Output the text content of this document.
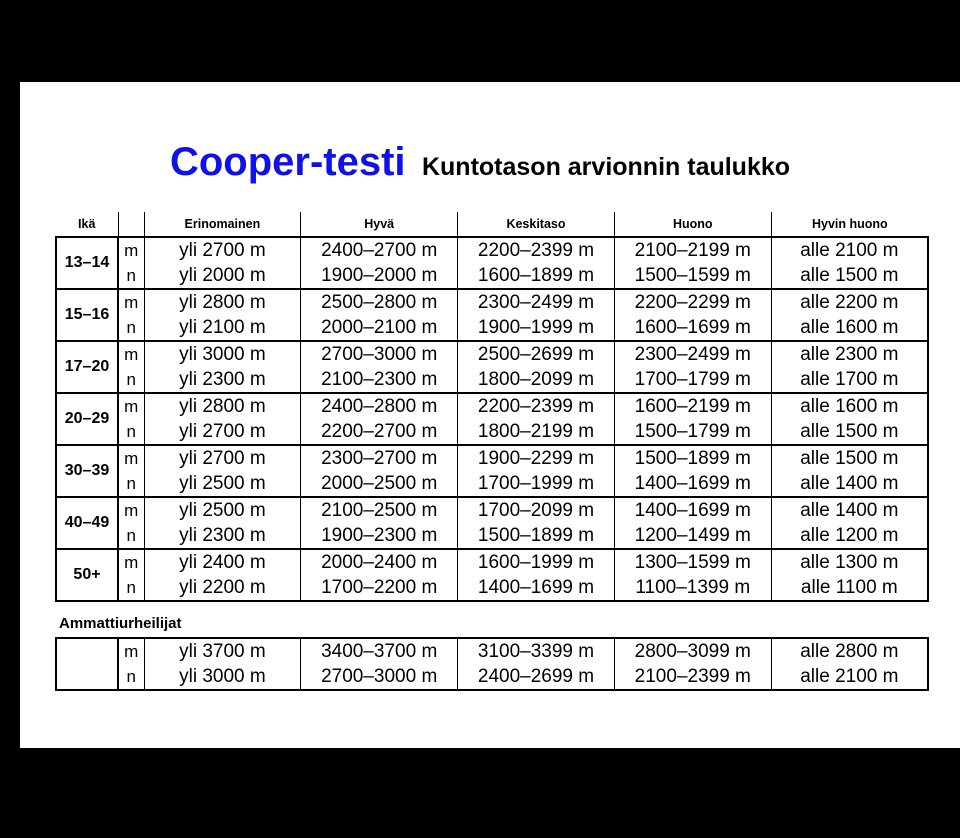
Cooper-testi Kuntotason arvionnin taulukko
Ikä		Erinomainen	Hyvä	Keskitaso	Huono	Hyvin huono
13–14	m	yli 2700 m	2400–2700 m	2200–2399 m	2100–2199 m	alle 2100 m
	n	yli 2000 m	1900–2000 m	1600–1899 m	1500–1599 m	alle 1500 m
15–16	m	yli 2800 m	2500–2800 m	2300–2499 m	2200–2299 m	alle 2200 m
	n	yli 2100 m	2000–2100 m	1900–1999 m	1600–1699 m	alle 1600 m
17–20	m	yli 3000 m	2700–3000 m	2500–2699 m	2300–2499 m	alle 2300 m
	n	yli 2300 m	2100–2300 m	1800–2099 m	1700–1799 m	alle 1700 m
20–29	m	yli 2800 m	2400–2800 m	2200–2399 m	1600–2199 m	alle 1600 m
	n	yli 2700 m	2200–2700 m	1800–2199 m	1500–1799 m	alle 1500 m
30–39	m	yli 2700 m	2300–2700 m	1900–2299 m	1500–1899 m	alle 1500 m
	n	yli 2500 m	2000–2500 m	1700–1999 m	1400–1699 m	alle 1400 m
40–49	m	yli 2500 m	2100–2500 m	1700–2099 m	1400–1699 m	alle 1400 m
	n	yli 2300 m	1900–2300 m	1500–1899 m	1200–1499 m	alle 1200 m
50+	m	yli 2400 m	2000–2400 m	1600–1999 m	1300–1599 m	alle 1300 m
	n	yli 2200 m	1700–2200 m	1400–1699 m	1100–1399 m	alle 1100 m
Ammattiurheilijat
	m	yli 3700 m	3400–3700 m	3100–3399 m	2800–3099 m	alle 2800 m
	n	yli 3000 m	2700–3000 m	2400–2699 m	2100–2399 m	alle 2100 m
